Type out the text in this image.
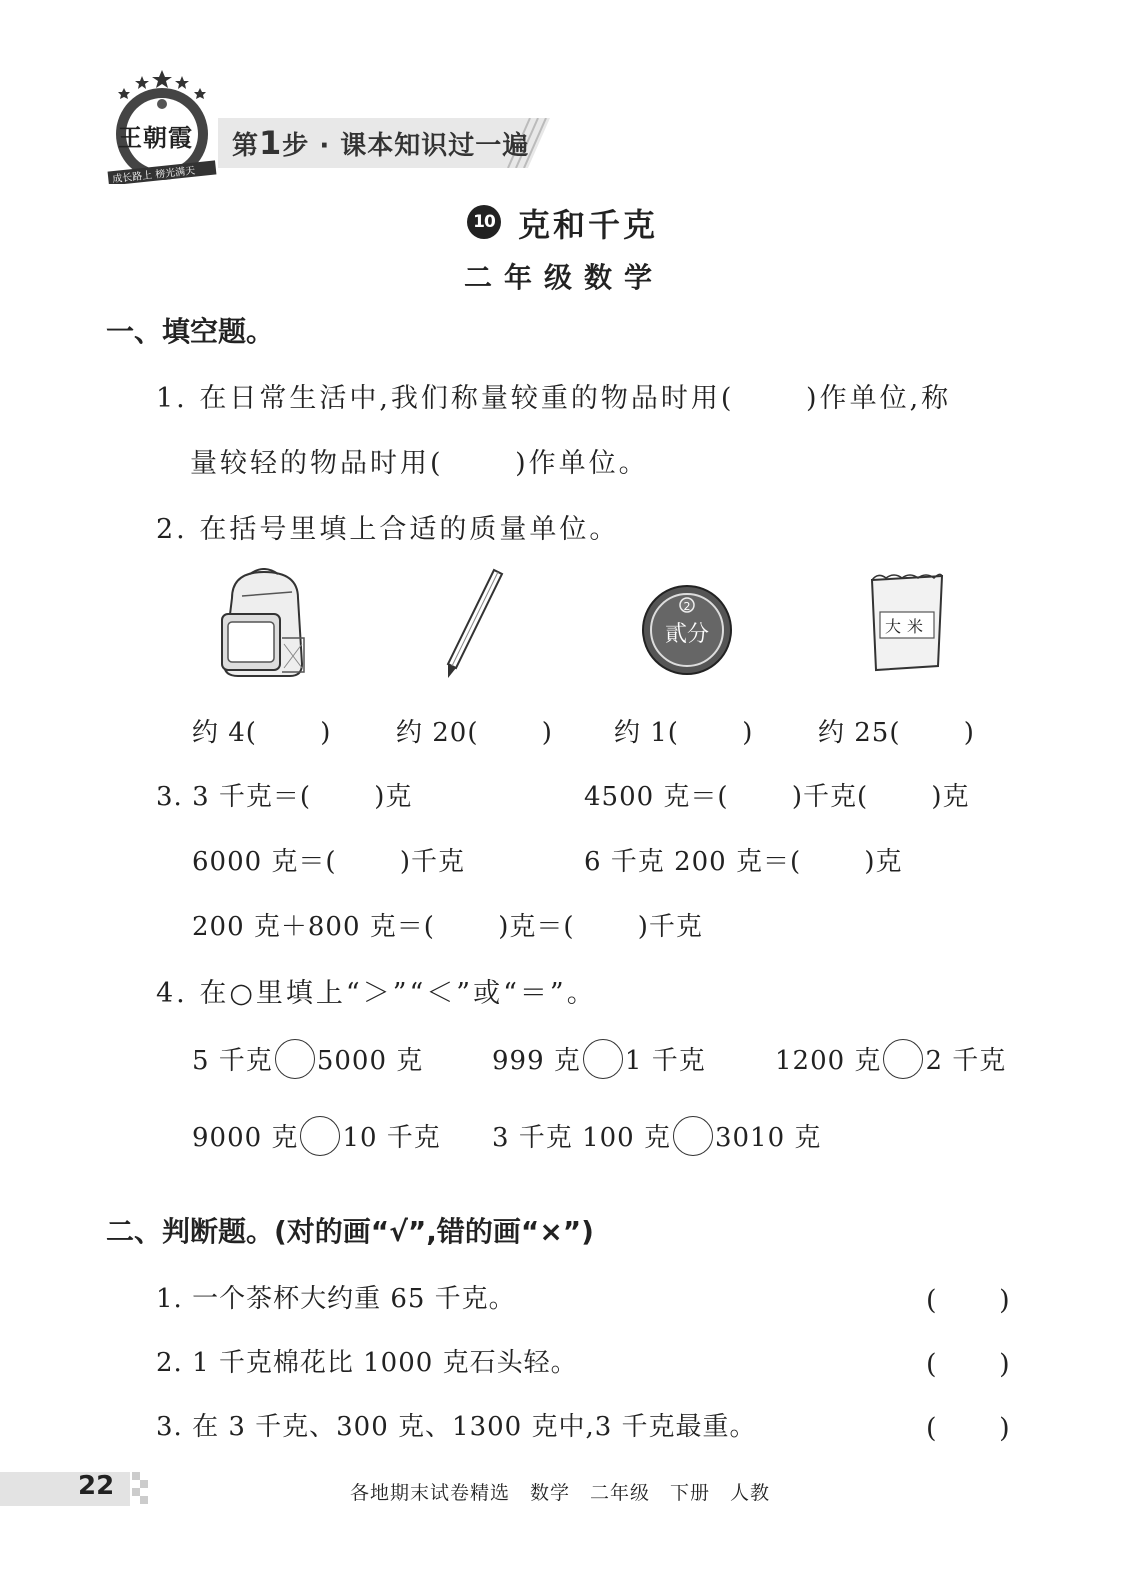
王朝霞
成长路上 榜光满天
第1步 · 课本知识过一遍
10 克和千克
二年级数学
一、填空题。
1. 在日常生活中,我们称量较重的物品时用(　　 )作单位,称
量较轻的物品时用(　　 )作单位。
2. 在括号里填上合适的质量单位。
2
貳分	大米
约 4(　　 ) 约 20(　　 ) 约 1(　　 ) 约 25(　　 )
3. 3 千克＝(　　 )克	4500 克＝(　　 )千克(　　 )克
6000 克＝(　　 )千克	6 千克 200 克＝(　　 )克
200 克＋800 克＝(　　 )克＝(　　 )千克
4. 在○里填上“＞”“＜”或“＝”。
5 千克 5000 克	999 克 1 千克	1200 克 2 千克
9000 克 10 千克 3 千克 100 克 3010 克
二、判断题。(对的画“√”,错的画“×”)
1. 一个茶杯大约重 65 千克。	(　　 )
2. 1 千克棉花比 1000 克石头轻。	(　　 )
3. 在 3 千克、300 克、1300 克中,3 千克最重。	(　　 )
22	各地期末试卷精选　数学　二年级　下册　人教
